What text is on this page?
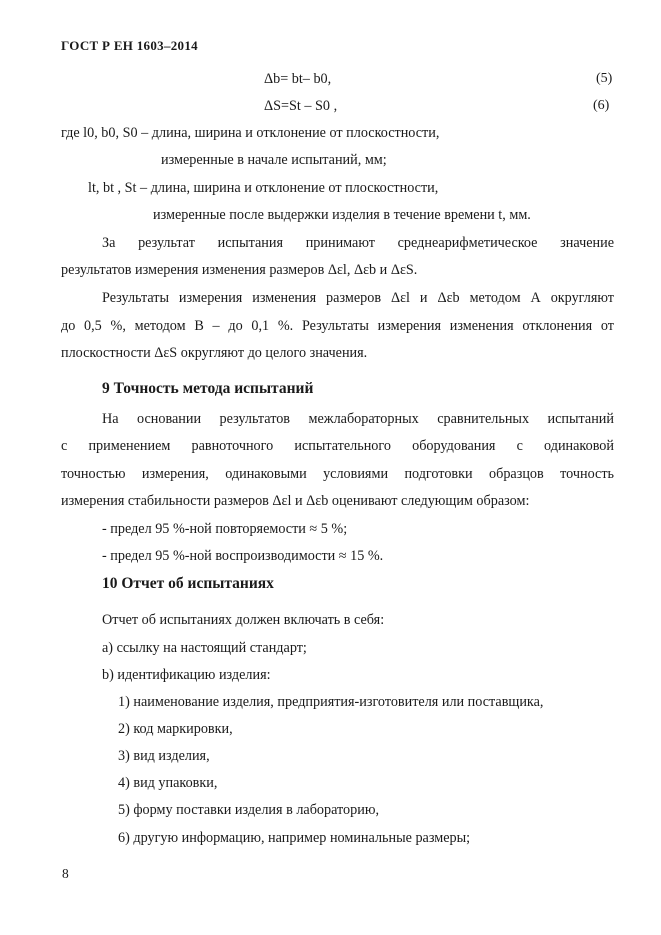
ГОСТ Р ЕН 1603–2014
Δb= bt– b0,	(5)
ΔS=St – S0 ,	(6)
где l0, b0, S0 – длина, ширина и отклонение от плоскостности,
измеренные в начале испытаний, мм;
lt, bt , St – длина, ширина и отклонение от плоскостности,
измеренные после выдержки изделия в течение времени t, мм.
За результат испытания принимают среднеарифметическое значение
результатов измерения изменения размеров Δεl, Δεb и ΔεS.
Результаты измерения изменения размеров Δεl и Δεb методом А округляют
до 0,5 %, методом В – до 0,1 %. Результаты измерения изменения отклонения от
плоскостности ΔεS округляют до целого значения.
9 Точность метода испытаний
На основании результатов межлабораторных сравнительных испытаний
с применением равноточного испытательного оборудования с одинаковой
точностью измерения, одинаковыми условиями подготовки образцов точность
измерения стабильности размеров Δεl и Δεb оценивают следующим образом:
- предел 95 %-ной повторяемости ≈ 5 %;
- предел 95 %-ной воспроизводимости ≈ 15 %.
10 Отчет об испытаниях
Отчет об испытаниях должен включать в себя:
a) ссылку на настоящий стандарт;
b) идентификацию изделия:
1) наименование изделия, предприятия-изготовителя или поставщика,
2) код маркировки,
3) вид изделия,
4) вид упаковки,
5) форму поставки изделия в лабораторию,
6) другую информацию, например номинальные размеры;
8
